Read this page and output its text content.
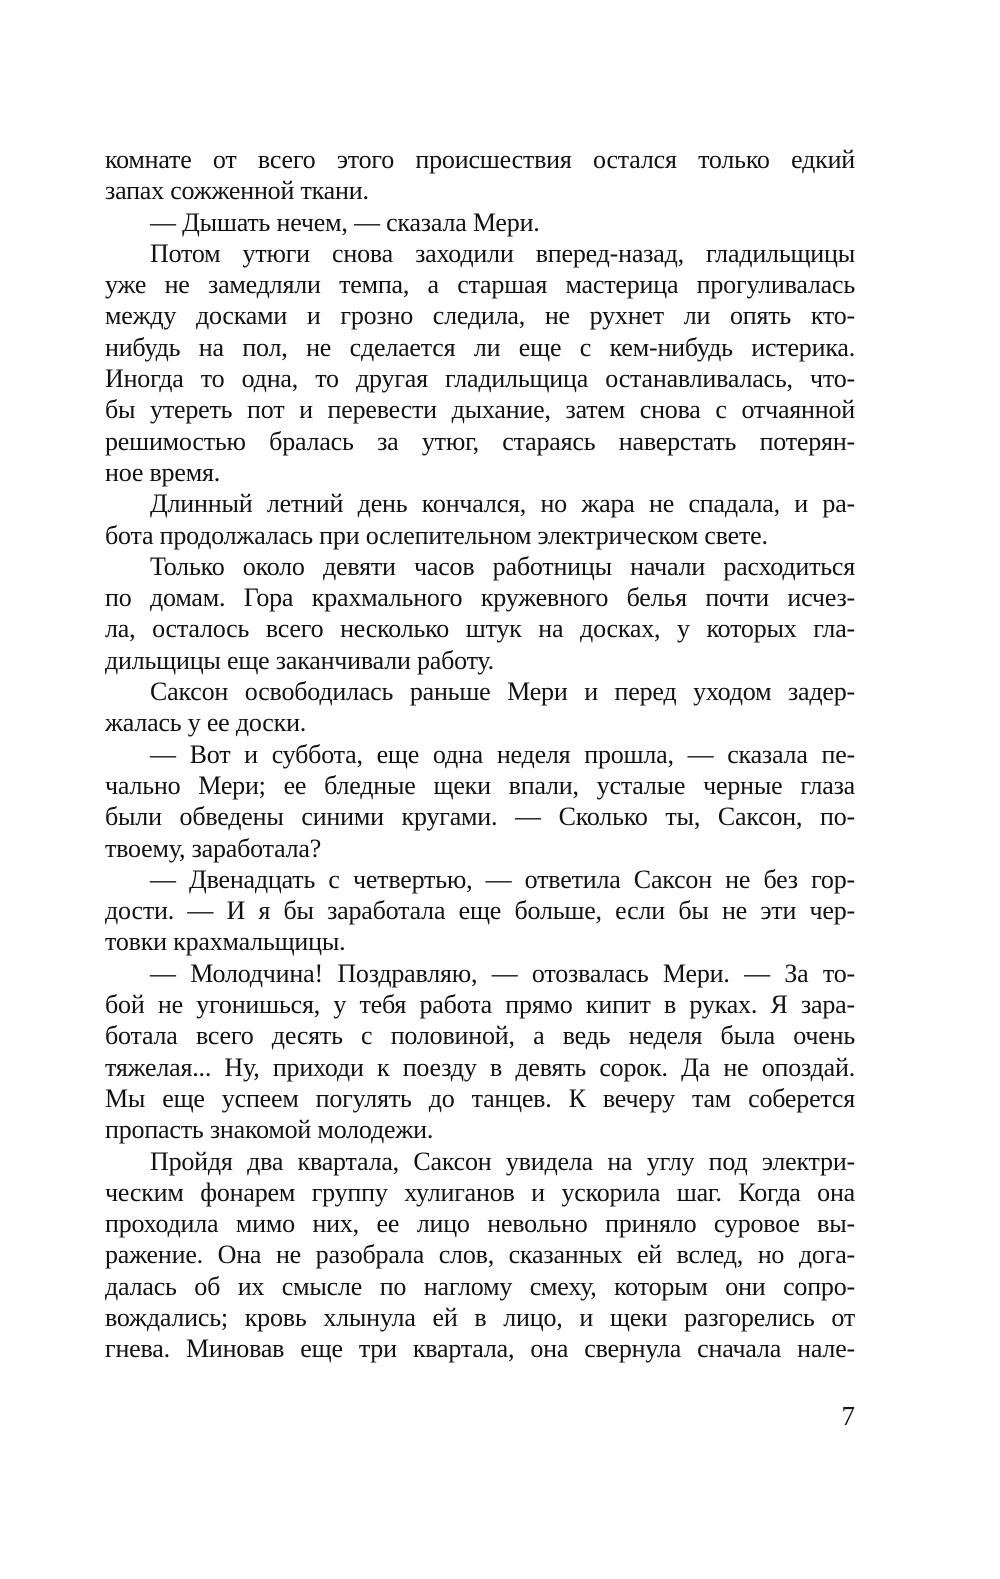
комнате от всего этого происшествия остался только едкий
запах сожженной ткани.
— Дышать нечем, — сказала Мери.
Потом утюги снова заходили вперед-назад, гладильщицы
уже не замедляли темпа, а старшая мастерица прогуливалась
между досками и грозно следила, не рухнет ли опять кто-
нибудь на пол, не сделается ли еще с кем-нибудь истерика.
Иногда то одна, то другая гладильщица останавливалась, что-
бы утереть пот и перевести дыхание, затем снова с отчаянной
решимостью бралась за утюг, стараясь наверстать потерян-
ное время.
Длинный летний день кончался, но жара не спадала, и ра-
бота продолжалась при ослепительном электрическом свете.
Только около девяти часов работницы начали расходиться
по домам. Гора крахмального кружевного белья почти исчез-
ла, осталось всего несколько штук на досках, у которых гла-
дильщицы еще заканчивали работу.
Саксон освободилась раньше Мери и перед уходом задер-
жалась у ее доски.
— Вот и суббота, еще одна неделя прошла, — сказала пе-
чально Мери; ее бледные щеки впали, усталые черные глаза
были обведены синими кругами. — Сколько ты, Саксон, по-
твоему, заработала?
— Двенадцать с четвертью, — ответила Саксон не без гор-
дости. — И я бы заработала еще больше, если бы не эти чер-
товки крахмальщицы.
— Молодчина! Поздравляю, — отозвалась Мери. — За то-
бой не угонишься, у тебя работа прямо кипит в руках. Я зара-
ботала всего десять с половиной, а ведь неделя была очень
тяжелая... Ну, приходи к поезду в девять сорок. Да не опоздай.
Мы еще успеем погулять до танцев. К вечеру там соберется
пропасть знакомой молодежи.
Пройдя два квартала, Саксон увидела на углу под электри-
ческим фонарем группу хулиганов и ускорила шаг. Когда она
проходила мимо них, ее лицо невольно приняло суровое вы-
ражение. Она не разобрала слов, сказанных ей вслед, но дога-
далась об их смысле по наглому смеху, которым они сопро-
вождались; кровь хлынула ей в лицо, и щеки разгорелись от
гнева. Миновав еще три квартала, она свернула сначала нале-
7
